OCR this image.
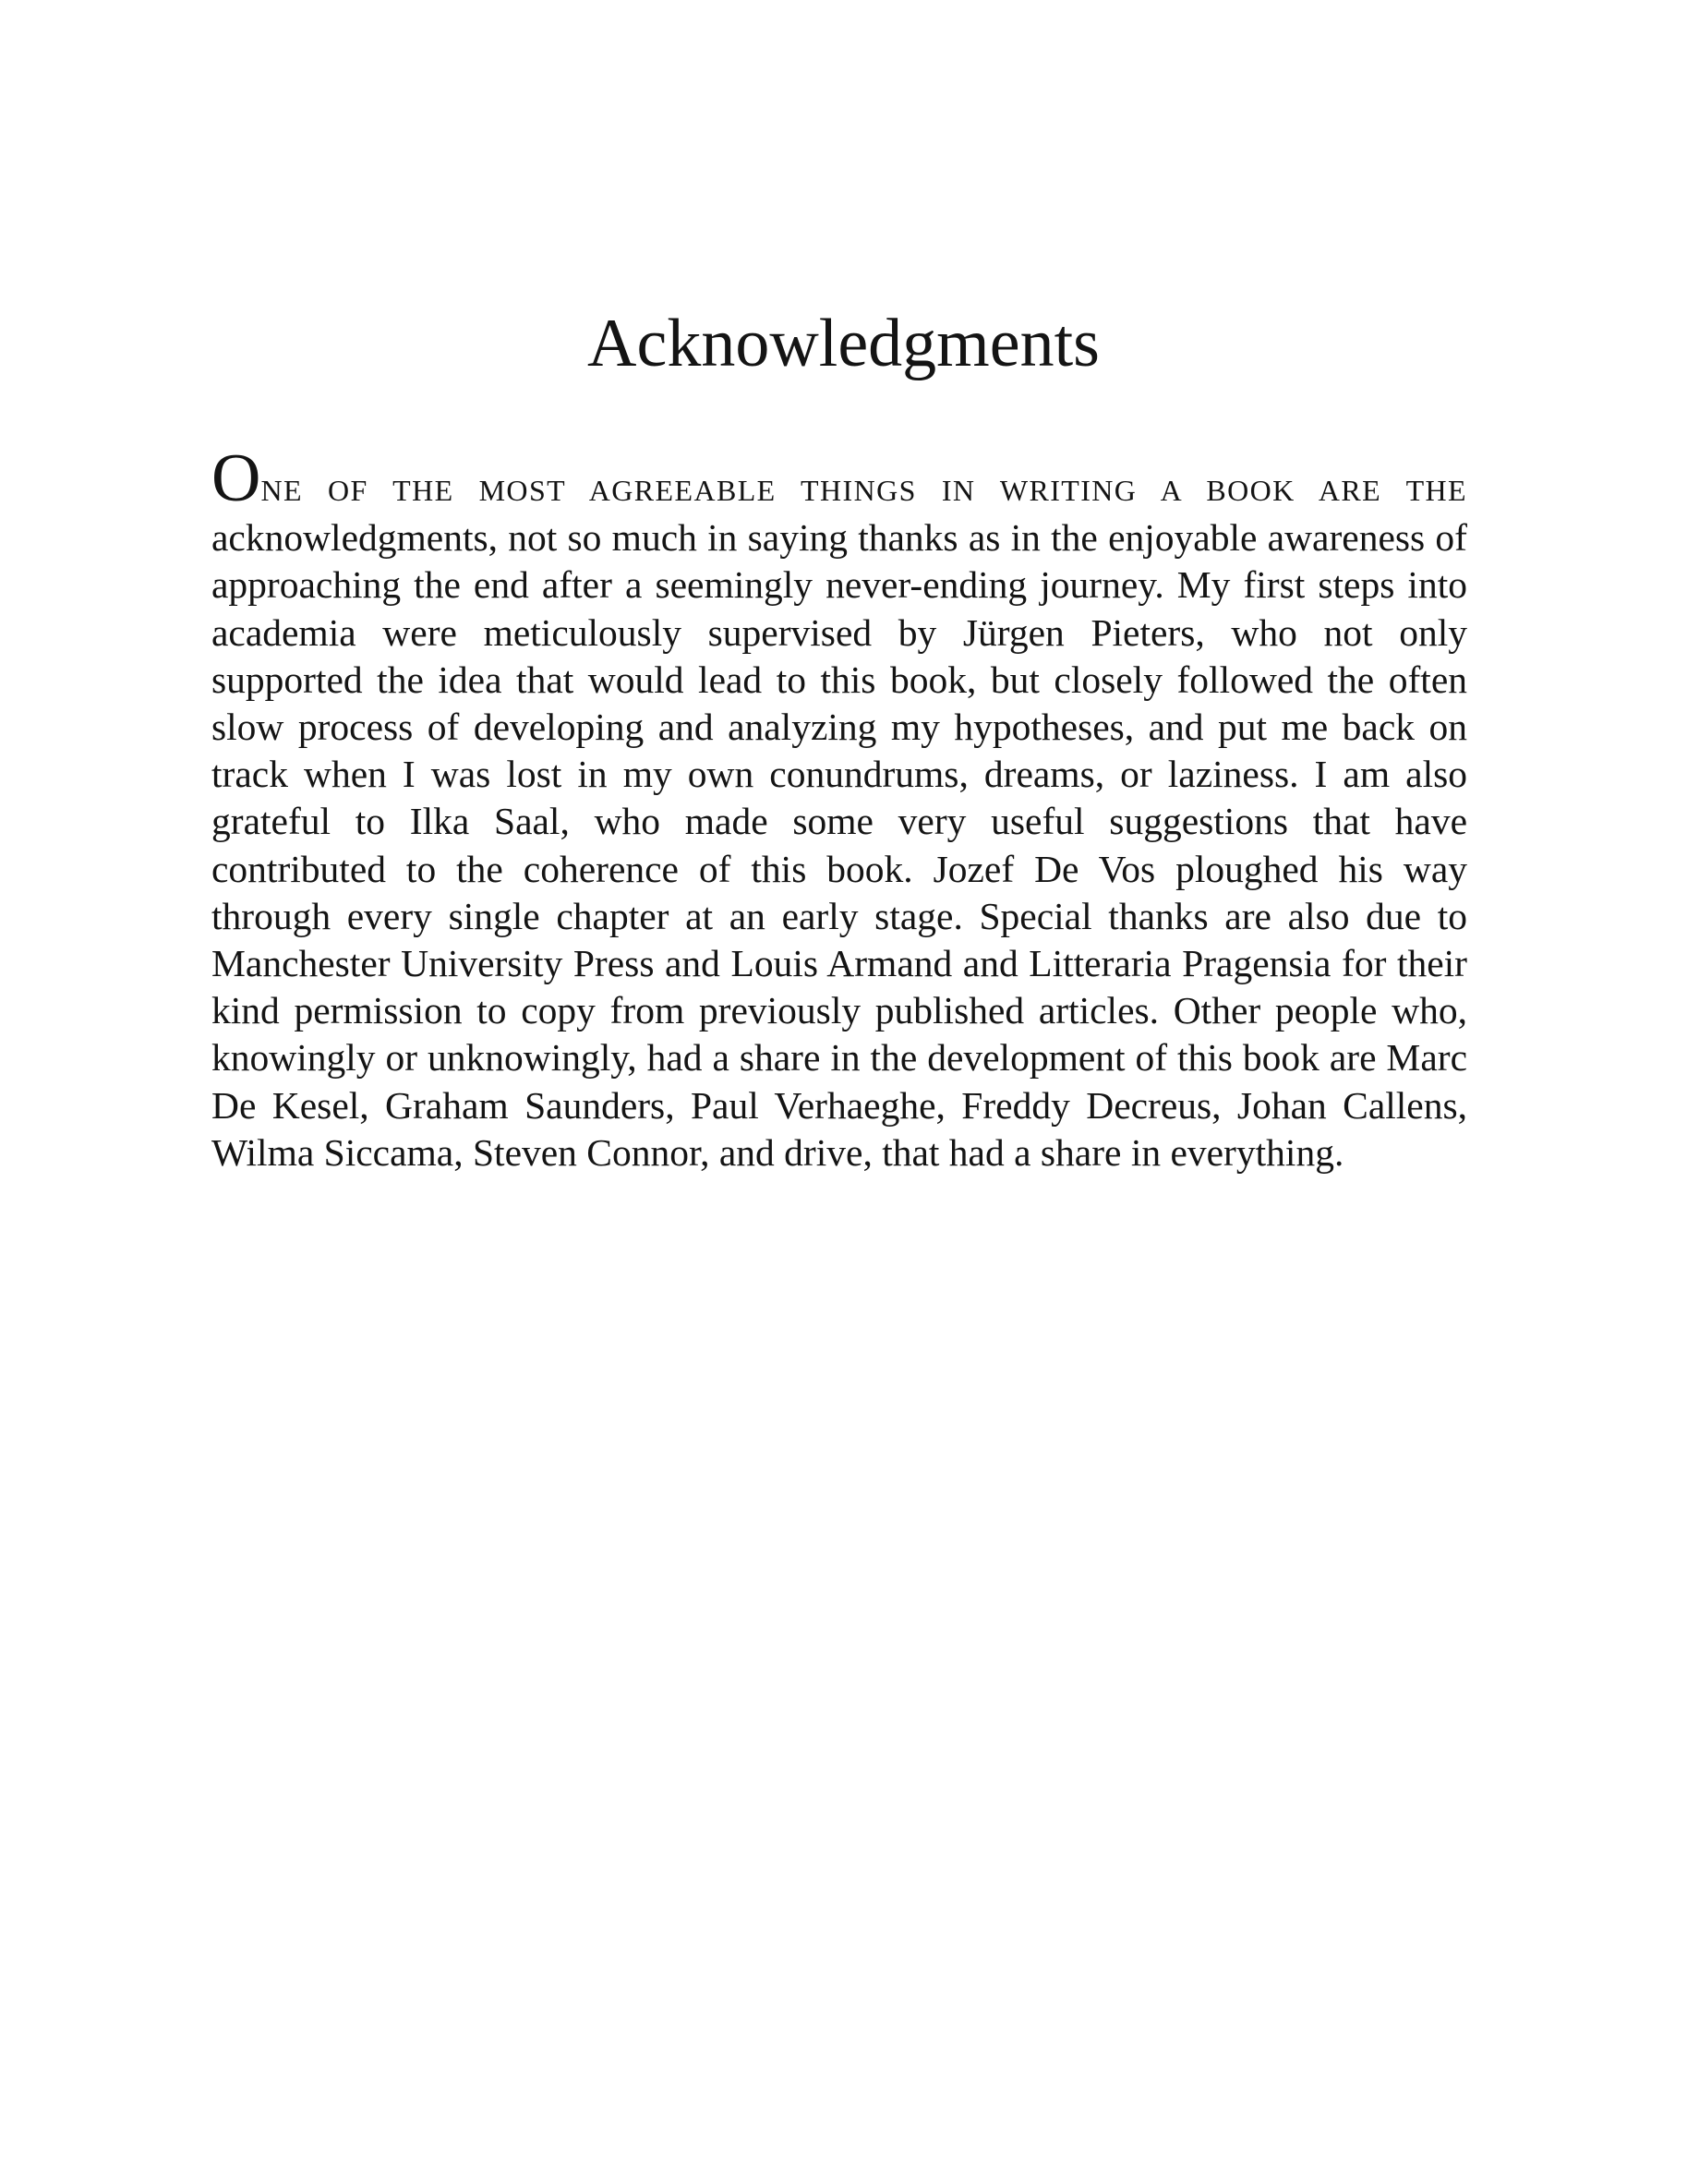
Acknowledgments

ONE OF THE MOST AGREEABLE THINGS IN WRITING A BOOK ARE THE acknowledgments, not so much in saying thanks as in the enjoyable awareness of approaching the end after a seemingly never-ending journey. My first steps into academia were meticulously supervised by Jürgen Pieters, who not only supported the idea that would lead to this book, but closely followed the often slow process of developing and analyzing my hypotheses, and put me back on track when I was lost in my own conundrums, dreams, or laziness. I am also grateful to Ilka Saal, who made some very useful suggestions that have contributed to the coherence of this book. Jozef De Vos ploughed his way through every single chapter at an early stage. Special thanks are also due to Manchester University Press and Louis Armand and Litteraria Pragensia for their kind permission to copy from previously published articles. Other people who, knowingly or unknowingly, had a share in the development of this book are Marc De Kesel, Graham Saunders, Paul Verhaeghe, Freddy Decreus, Johan Callens, Wilma Siccama, Steven Connor, and drive, that had a share in everything.
